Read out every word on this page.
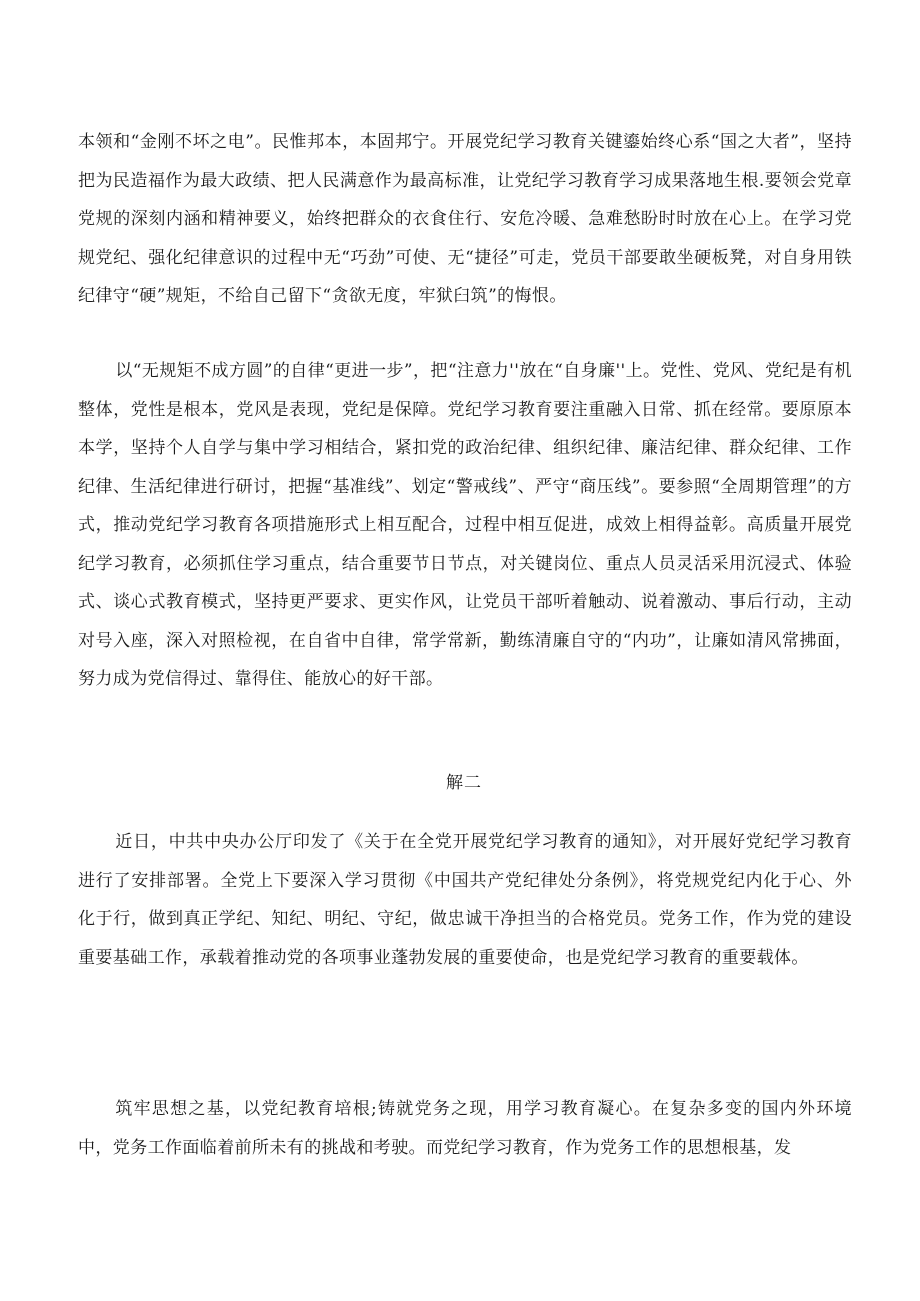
本领和“金刚不坏之电”。民惟邦本，本固邦宁。开展党纪学习教育关键鎏始终心系“国之大者”，坚持把为民造福作为最大政绩、把人民满意作为最高标准，让党纪学习教育学习成果落地生根.要领会党章党规的深刻内涵和精神要义，始终把群众的衣食住行、安危冷暖、急难愁盼时时放在心上。在学习党规党纪、强化纪律意识的过程中无“巧劲”可使、无“捷径”可走，党员干部要敢坐硬板凳，对自身用铁纪律守“硬”规矩，不给自己留下“贪欲无度，牢狱臼筑”的悔恨。

以“无规矩不成方圆”的自律“更进一步”，把“注意力''放在“自身廉''上。党性、党风、党纪是有机整体，党性是根本，党风是表现，党纪是保障。党纪学习教育要注重融入日常、抓在经常。要原原本本学，坚持个人自学与集中学习相结合，紧扣党的政治纪律、组织纪律、廉洁纪律、群众纪律、工作纪律、生活纪律进行研讨，把握“基准线”、划定“警戒线”、严守“商压线”。要参照“全周期管理”的方式，推动党纪学习教育各项措施形式上相互配合，过程中相互促进，成效上相得益彰。高质量开展党纪学习教育，必须抓住学习重点，结合重要节日节点，对关键岗位、重点人员灵活采用沉浸式、体验式、谈心式教育模式，坚持更严要求、更实作风，让党员干部听着触动、说着激动、事后行动，主动对号入座，深入对照检视，在自省中自律，常学常新，勤练清廉自守的“内功”，让廉如清风常拂面，努力成为党信得过、靠得住、能放心的好干部。

解二

近日，中共中央办公厅印发了《关于在全党开展党纪学习教育的通知》，对开展好党纪学习教育进行了安排部署。全党上下要深入学习贯彻《中国共产党纪律处分条例》，将党规党纪内化于心、外化于行，做到真正学纪、知纪、明纪、守纪，做忠诚干净担当的合格党员。党务工作，作为党的建设重要基础工作，承载着推动党的各项事业蓬勃发展的重要使命，也是党纪学习教育的重要载体。

筑牢思想之基，以党纪教育培根;铸就党务之现，用学习教育凝心。在复杂多变的国内外环境中，党务工作面临着前所未有的挑战和考驶。而党纪学习教育，作为党务工作的思想根基，发
